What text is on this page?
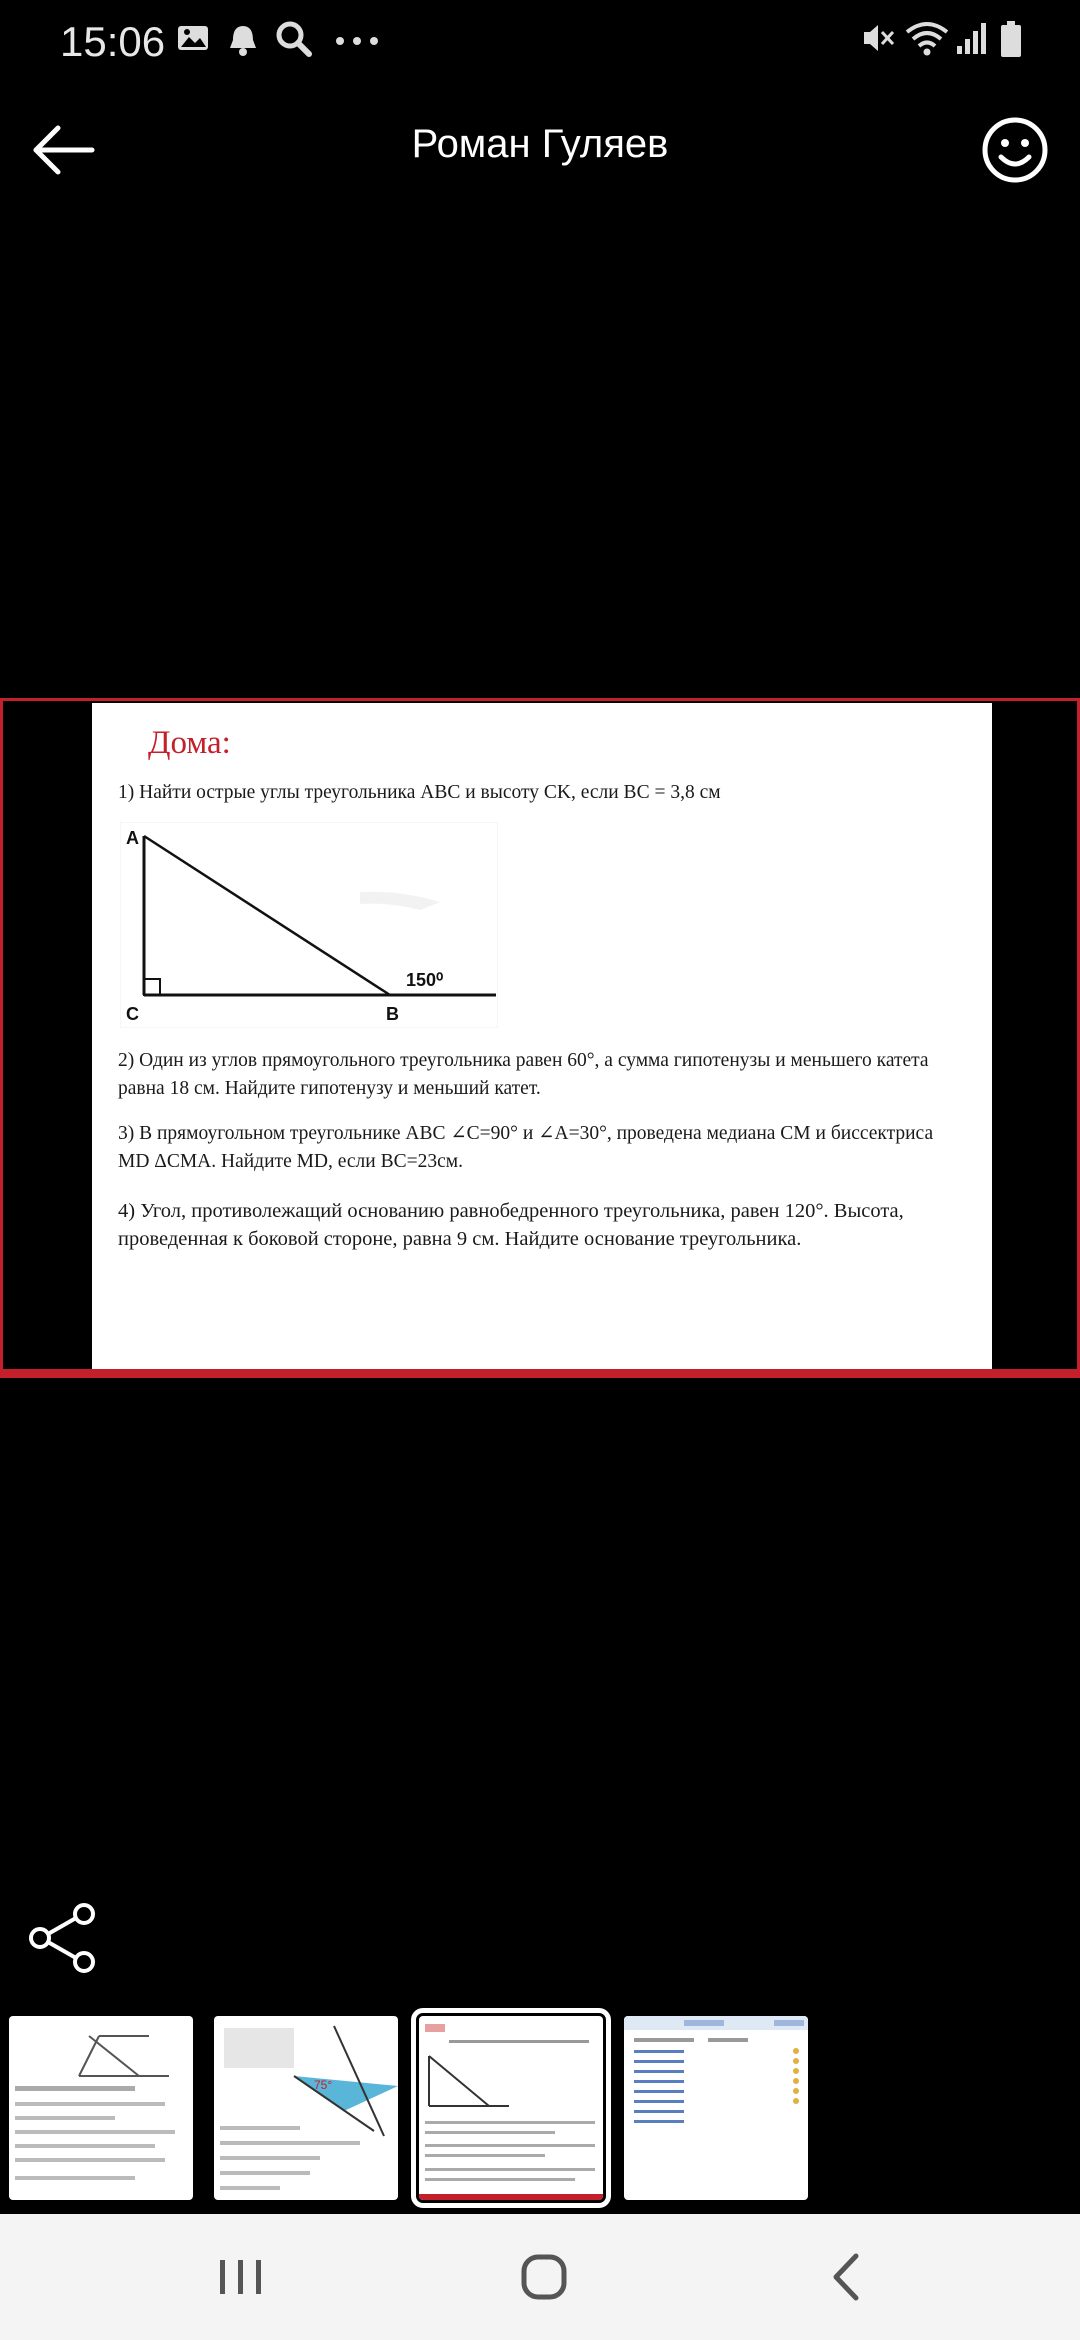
15:06
Роман Гуляев
Дома:
1) Найти острые углы треугольника ABC и высоту CK, если BC = 3,8 см
A
C	B
150⁰
2) Один из углов прямоугольного треугольника равен 60°, а сумма гипотенузы и меньшего катета равна 18 см. Найдите гипотенузу и меньший катет.
3) В прямоугольном треугольнике ABC ∠C=90° и ∠A=30°, проведена медиана CM и биссектриса MD ΔCMA. Найдите MD, если BC=23см.
4) Угол, противолежащий основанию равнобедренного треугольника, равен 120°. Высота, проведенная к боковой стороне, равна 9 см. Найдите основание треугольника.
75°
